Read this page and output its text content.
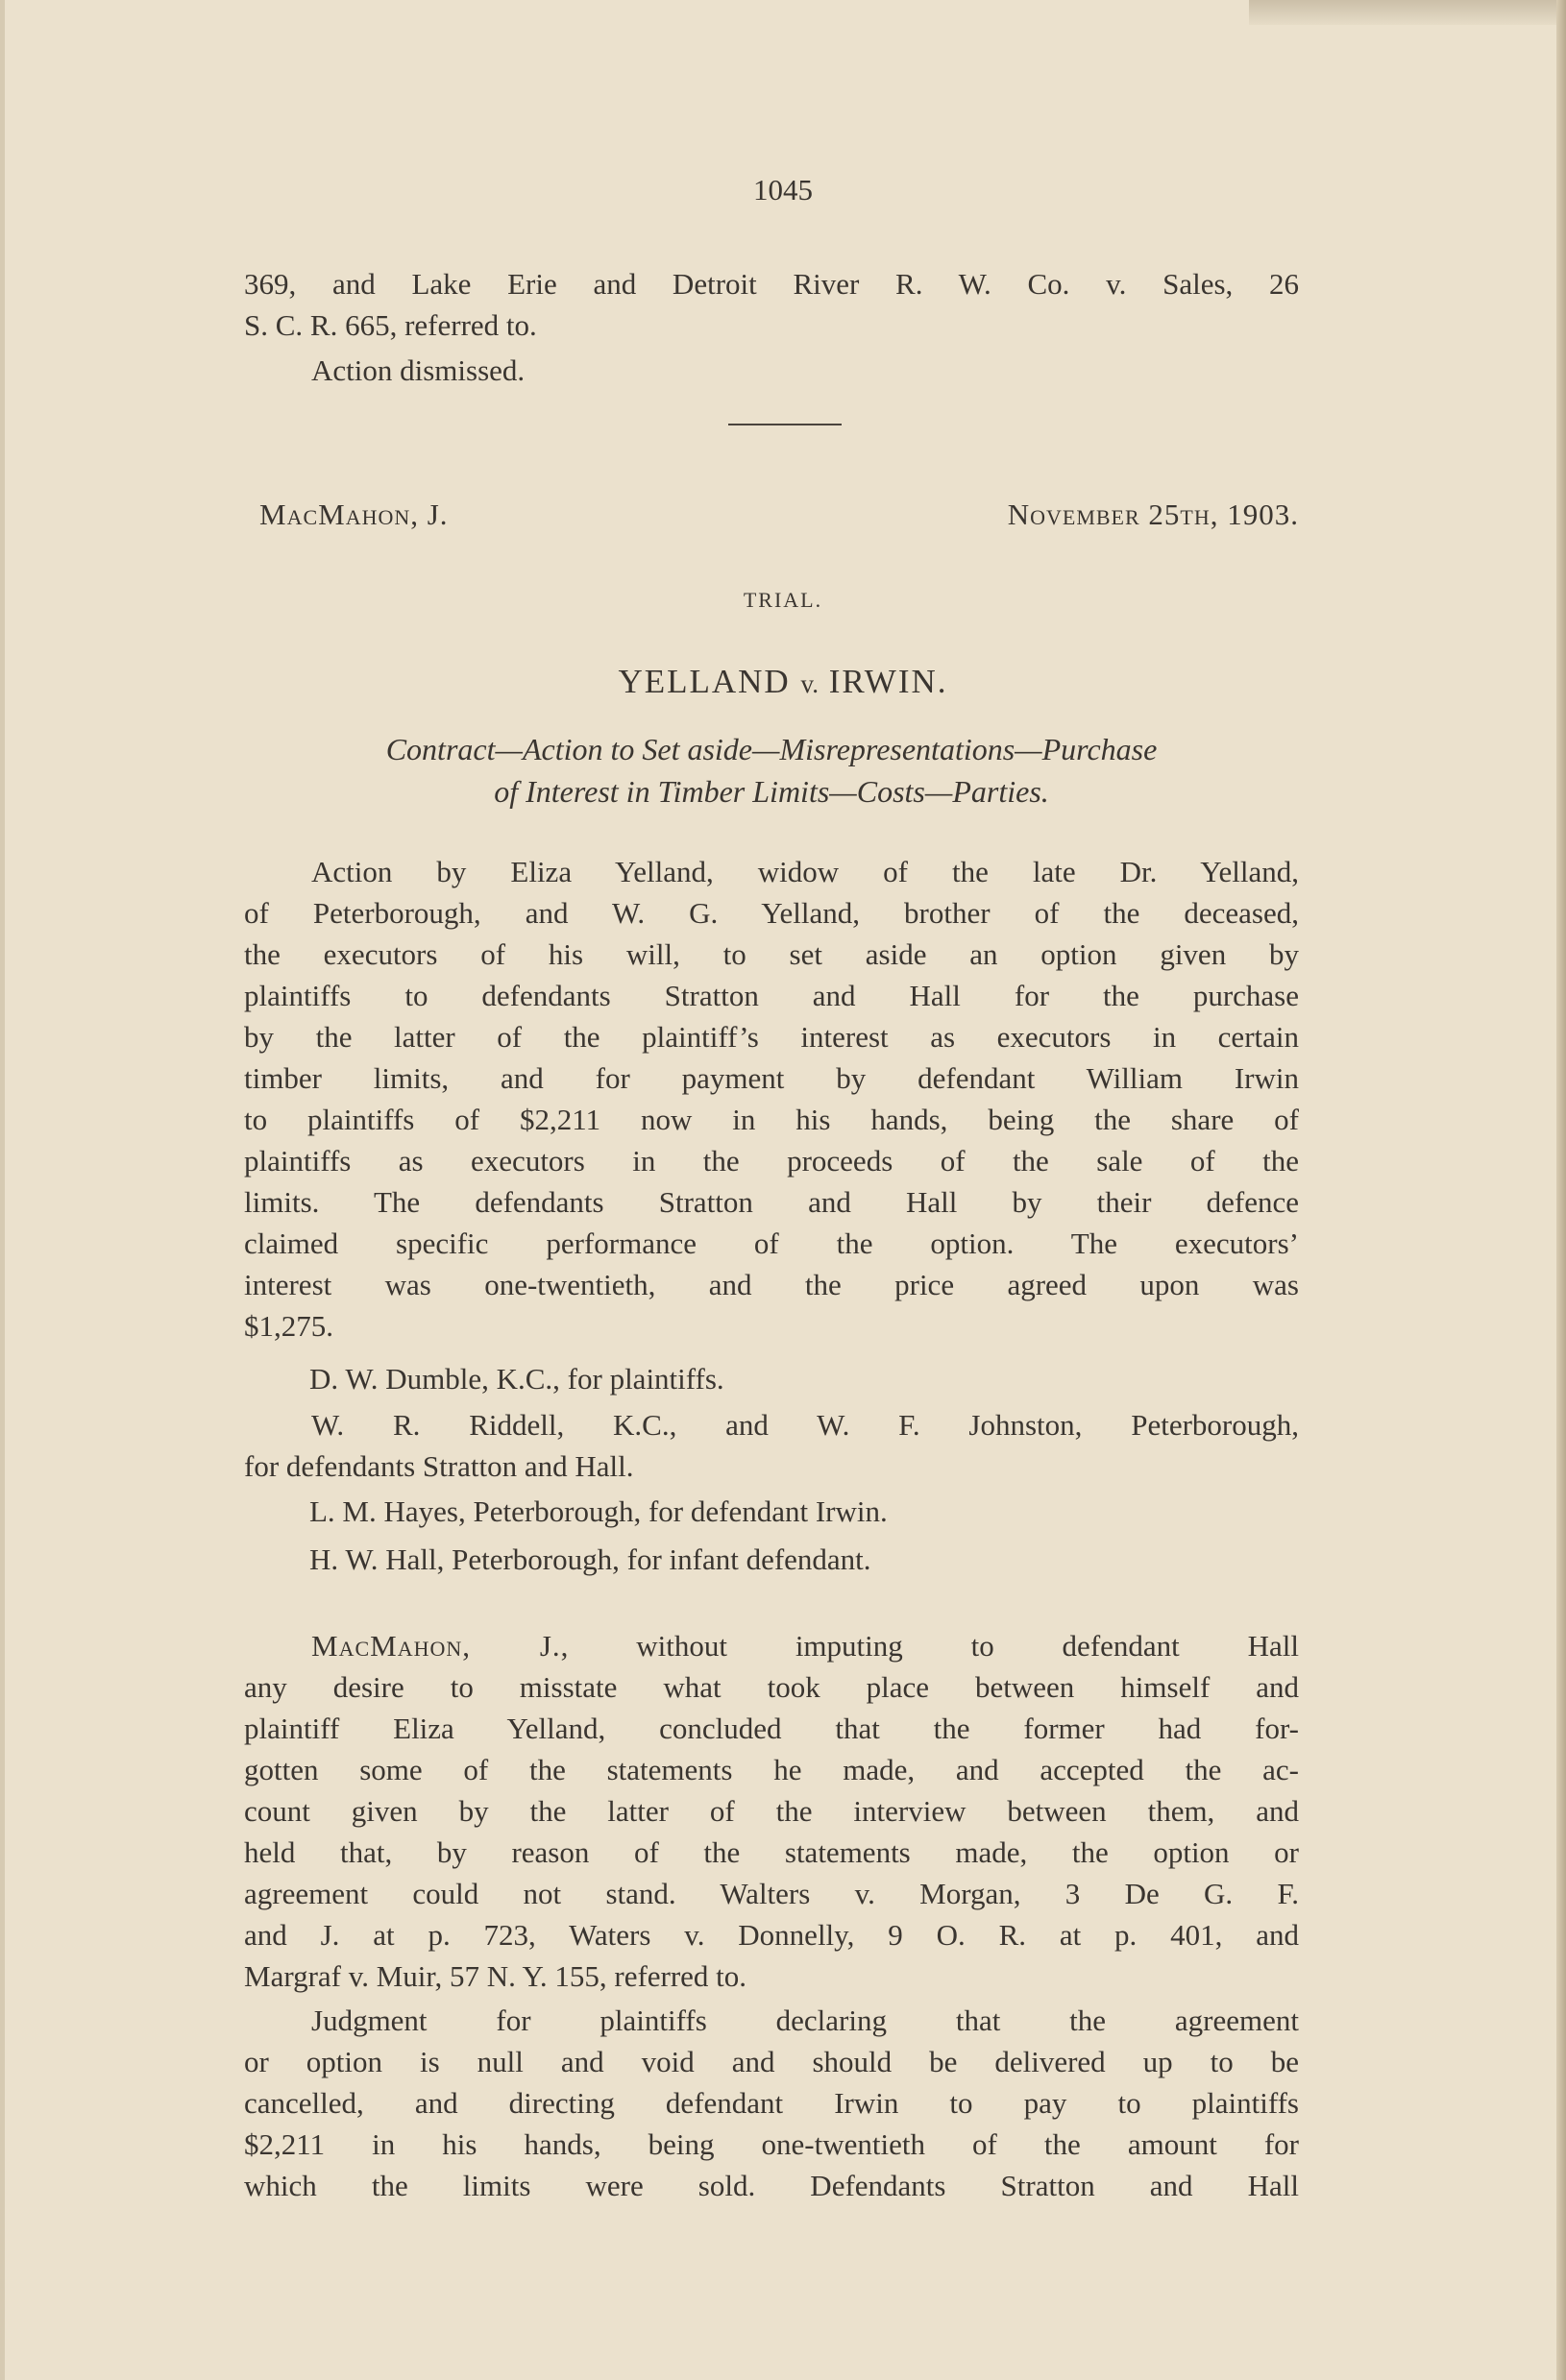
1045
369, and Lake Erie and Detroit River R. W. Co. v. Sales, 26
S. C. R. 665, referred to.
Action dismissed.
MacMahon, J.	November 25th, 1903.
TRIAL.
YELLAND v. IRWIN.
Contract—Action to Set aside—Misrepresentations—Purchase
of Interest in Timber Limits—Costs—Parties.
Action by Eliza Yelland, widow of the late Dr. Yelland,
of Peterborough, and W. G. Yelland, brother of the deceased,
the executors of his will, to set aside an option given by
plaintiffs to defendants Stratton and Hall for the purchase
by the latter of the plaintiff’s interest as executors in certain
timber limits, and for payment by defendant William Irwin
to plaintiffs of $2,211 now in his hands, being the share of
plaintiffs as executors in the proceeds of the sale of the
limits. The defendants Stratton and Hall by their defence
claimed specific performance of the option. The executors’
interest was one-twentieth, and the price agreed upon was
$1,275.
D. W. Dumble, K.C., for plaintiffs.
W. R. Riddell, K.C., and W. F. Johnston, Peterborough,
for defendants Stratton and Hall.
L. M. Hayes, Peterborough, for defendant Irwin.
H. W. Hall, Peterborough, for infant defendant.
MacMahon, J., without imputing to defendant Hall
any desire to misstate what took place between himself and
plaintiff Eliza Yelland, concluded that the former had for-
gotten some of the statements he made, and accepted the ac-
count given by the latter of the interview between them, and
held that, by reason of the statements made, the option or
agreement could not stand. Walters v. Morgan, 3 De G. F.
and J. at p. 723, Waters v. Donnelly, 9 O. R. at p. 401, and
Margraf v. Muir, 57 N. Y. 155, referred to.
Judgment for plaintiffs declaring that the agreement
or option is null and void and should be delivered up to be
cancelled, and directing defendant Irwin to pay to plaintiffs
$2,211 in his hands, being one-twentieth of the amount for
which the limits were sold. Defendants Stratton and Hall
